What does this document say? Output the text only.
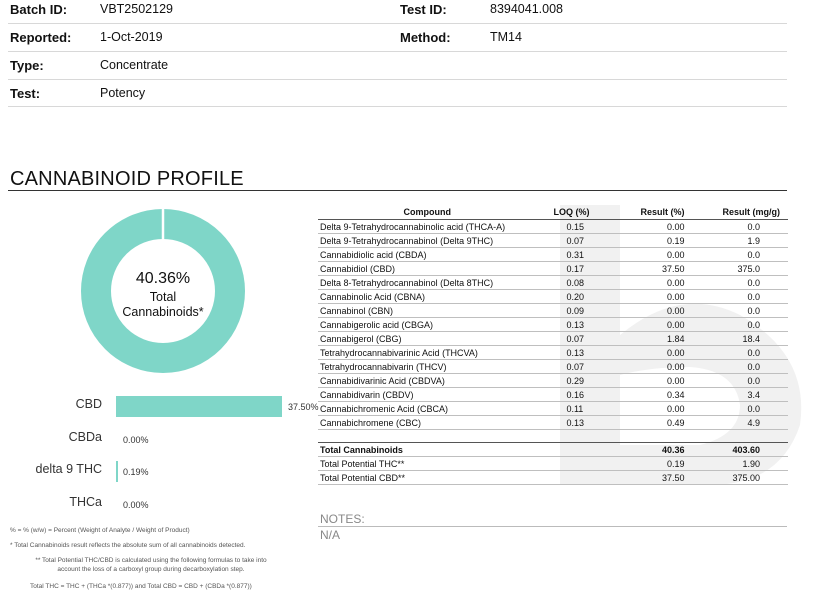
Batch ID:	VBT2502129	Test ID:	8394041.008
Reported: 1-Oct-2019	Method:	TM14
Type:	Concentrate
Test:	Potency
CANNABINOID PROFILE
40.36%
Total
Cannabinoids*
CBD	37.50%
CBDa 0.00%
delta 9 THC 0.19%
THCa 0.00%
Compound	LOQ (%)	Result (%)	Result (mg/g)
Delta 9-Tetrahydrocannabinolic acid (THCA-A)	0.15	0.00	0.0
Delta 9-Tetrahydrocannabinol (Delta 9THC)	0.07	0.19	1.9
Cannabidiolic acid (CBDA)	0.31	0.00	0.0
Cannabidiol (CBD)	0.17	37.50	375.0
Delta 8-Tetrahydrocannabinol (Delta 8THC)	0.08	0.00	0.0
Cannabinolic Acid (CBNA)	0.20	0.00	0.0
Cannabinol (CBN)	0.09	0.00	0.0
Cannabigerolic acid (CBGA)	0.13	0.00	0.0
Cannabigerol (CBG)	0.07	1.84	18.4
Tetrahydrocannabivarinic Acid (THCVA)	0.13	0.00	0.0
Tetrahydrocannabivarin (THCV)	0.07	0.00	0.0
Cannabidivarinic Acid (CBDVA)	0.29	0.00	0.0
Cannabidivarin (CBDV)	0.16	0.34	3.4
Cannabichromenic Acid (CBCA)	0.11	0.00	0.0
Cannabichromene (CBC)	0.13	0.49	4.9

Total Cannabinoids		40.36	403.60
Total Potential THC**		0.19	1.90
Total Potential CBD**		37.50	375.00
NOTES:
N/A
% = % (w/w) = Percent (Weight of Analyte / Weight of Product)
* Total Cannabinoids result reflects the absolute sum of all cannabinoids detected.
** Total Potential THC/CBD is calculated using the following formulas to take into
account the loss of a carboxyl group during decarboxylation step.
Total THC = THC + (THCa *(0.877)) and Total CBD = CBD + (CBDa *(0.877))
